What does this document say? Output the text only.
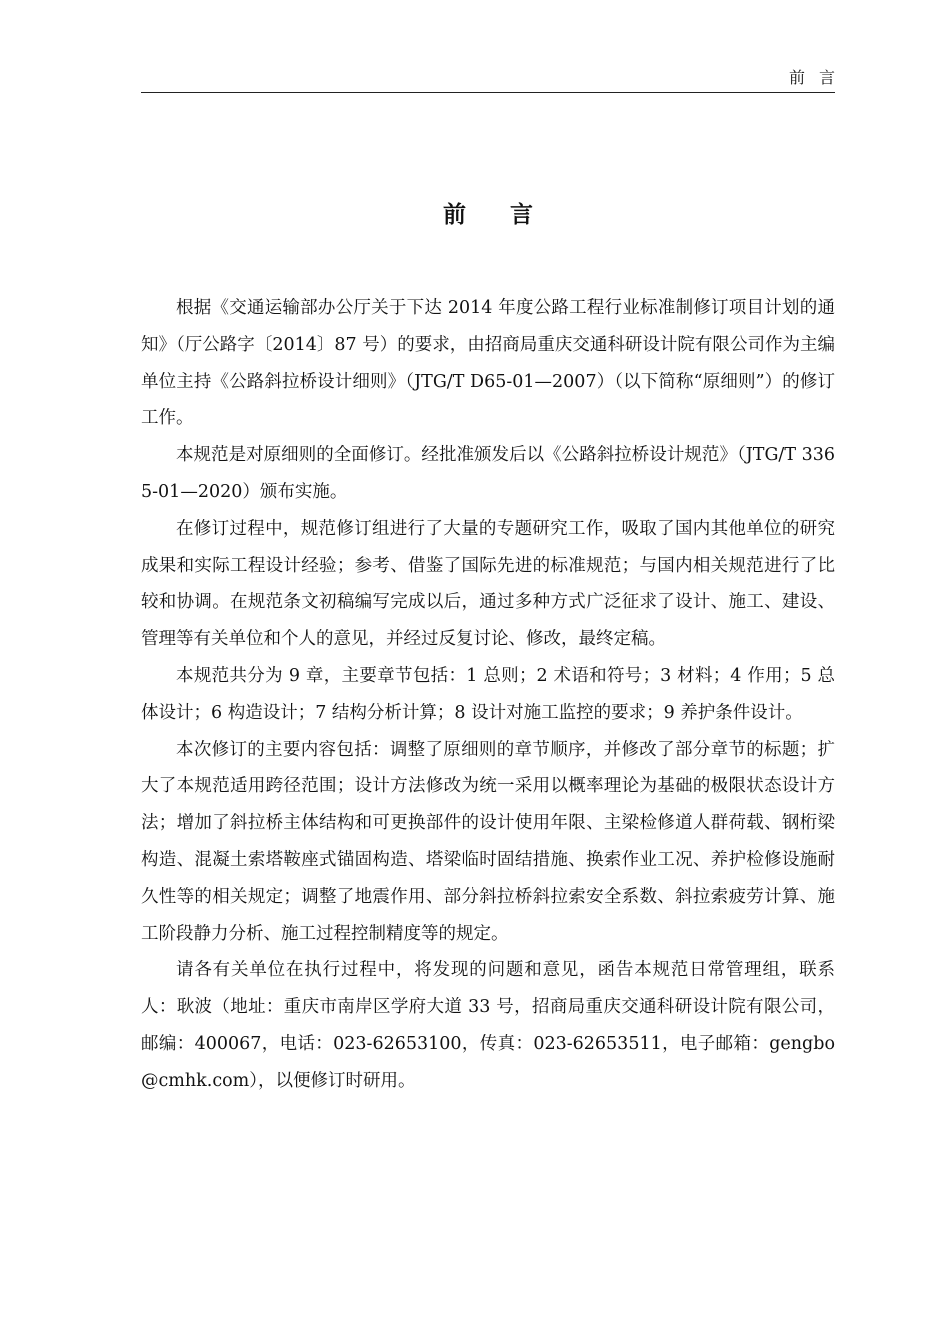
前言
前言

根据《交通运输部办公厅关于下达 2014 年度公路工程行业标准制修订项目计划的通知》（厅公路字〔2014〕87 号）的要求，由招商局重庆交通科研设计院有限公司作为主编单位主持《公路斜拉桥设计细则》（JTG/T D65-01—2007）（以下简称“原细则”）的修订工作。

本规范是对原细则的全面修订。经批准颁发后以《公路斜拉桥设计规范》（JTG/T 3365-01—2020）颁布实施。

在修订过程中，规范修订组进行了大量的专题研究工作，吸取了国内其他单位的研究成果和实际工程设计经验；参考、借鉴了国际先进的标准规范；与国内相关规范进行了比较和协调。在规范条文初稿编写完成以后，通过多种方式广泛征求了设计、施工、建设、管理等有关单位和个人的意见，并经过反复讨论、修改，最终定稿。

本规范共分为 9 章，主要章节包括：1 总则；2 术语和符号；3 材料；4 作用；5 总体设计；6 构造设计；7 结构分析计算；8 设计对施工监控的要求；9 养护条件设计。

本次修订的主要内容包括：调整了原细则的章节顺序，并修改了部分章节的标题；扩大了本规范适用跨径范围；设计方法修改为统一采用以概率理论为基础的极限状态设计方法；增加了斜拉桥主体结构和可更换部件的设计使用年限、主梁检修道人群荷载、钢桁梁构造、混凝土索塔鞍座式锚固构造、塔梁临时固结措施、换索作业工况、养护检修设施耐久性等的相关规定；调整了地震作用、部分斜拉桥斜拉索安全系数、斜拉索疲劳计算、施工阶段静力分析、施工过程控制精度等的规定。

请各有关单位在执行过程中，将发现的问题和意见，函告本规范日常管理组，联系人：耿波（地址：重庆市南岸区学府大道 33 号，招商局重庆交通科研设计院有限公司，邮编：400067，电话：023-62653100，传真：023-62653511，电子邮箱：gengbo@cmhk.com），以便修订时研用。
